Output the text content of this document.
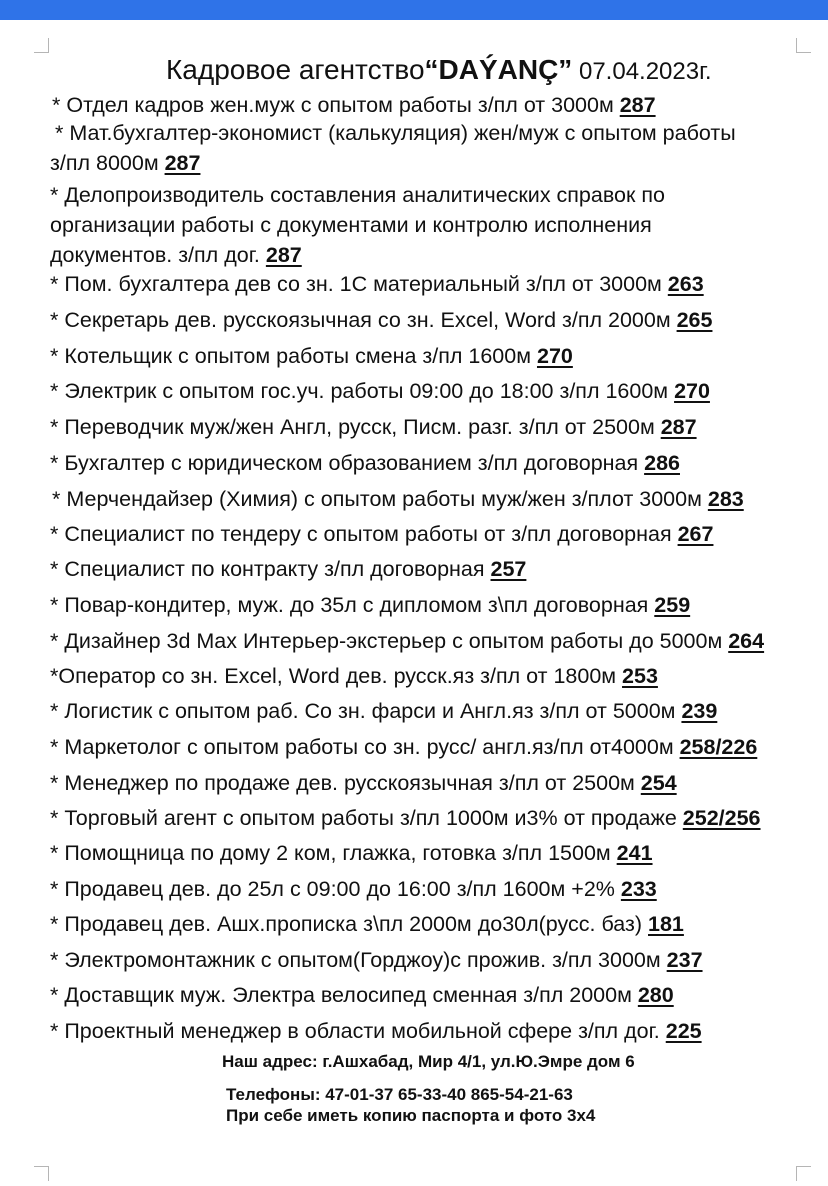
Кадровое агентство“DAÝANÇ” 07.04.2023г.
* Отдел кадров жен.муж с опытом работы з/пл от 3000м 287
* Мат.бухгалтер-экономист (калькуляция) жен/муж с опытом работы
з/пл 8000м 287
* Делопроизводитель составления аналитических справок по
организации работы с документами и контролю исполнения
документов. з/пл дог. 287
* Пом. бухгалтера дев со зн. 1С материальный з/пл от 3000м 263
* Секретарь дев. русскоязычная со зн. Excel, Word з/пл 2000м 265
* Котельщик с опытом работы смена з/пл 1600м 270
* Электрик с опытом гос.уч. работы 09:00 до 18:00 з/пл 1600м 270
* Переводчик муж/жен Англ, русск, Писм. разг. з/пл от 2500м 287
* Бухгалтер с юридическом образованием з/пл договорная 286
* Мерчендайзер (Химия) с опытом работы муж/жен з/плот 3000м 283
* Специалист по тендеру с опытом работы от з/пл договорная 267
* Специалист по контракту з/пл договорная 257
* Повар-кондитер, муж. до 35л с дипломом з\пл договорная 259
* Дизайнер 3d Max Интерьер-экстерьер с опытом работы до 5000м 264
*Оператор со зн. Excel, Word дев. русск.яз з/пл от 1800м 253
* Логистик с опытом раб. Со зн. фарси и Англ.яз з/пл от 5000м 239
* Маркетолог с опытом работы со зн. русс/ англ.яз/пл от4000м 258/226
* Менеджер по продаже дев. русскоязычная з/пл от 2500м 254
* Торговый агент с опытом работы з/пл 1000м и3% от продаже 252/256
* Помощница по дому 2 ком, глажка, готовка з/пл 1500м 241
* Продавец дев. до 25л с 09:00 до 16:00 з/пл 1600м +2% 233
* Продавец дев. Ашх.прописка з\пл 2000м до30л(русс. баз) 181
* Электромонтажник с опытом(Горджоу)с прожив. з/пл 3000м 237
* Доставщик муж. Электра велосипед сменная з/пл 2000м 280
* Проектный менеджер в области мобильной сфере з/пл дог. 225
Наш адрес: г.Ашхабад, Мир 4/1, ул.Ю.Эмре дом 6
Телефоны: 47-01-37 65-33-40 865-54-21-63
При себе иметь копию паспорта и фото 3х4
